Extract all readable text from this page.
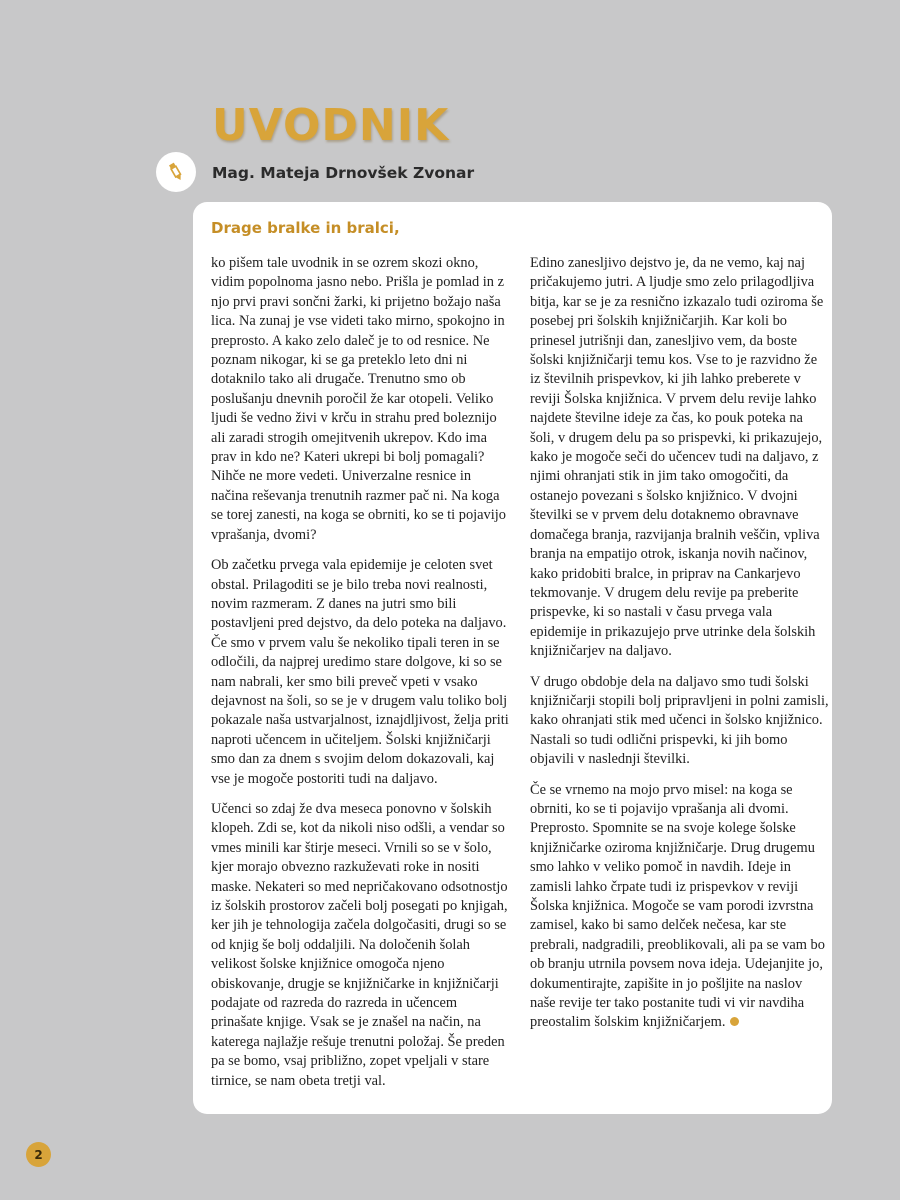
UVODNIK
Mag. Mateja Drnovšek Zvonar
Drage bralke in bralci,

ko pišem tale uvodnik in se ozrem skozi okno, vidim popolnoma jasno nebo. Prišla je pomlad in z njo prvi pravi sončni žarki, ki prijetno božajo naša lica. Na zunaj je vse videti tako mirno, spokojno in preprosto. A kako zelo daleč je to od resnice. Ne poznam nikogar, ki se ga preteklo leto dni ni dotaknilo tako ali drugače. Trenutno smo ob poslušanju dnevnih poročil že kar otopeli. Veliko ljudi še vedno živi v krču in strahu pred boleznijo ali zaradi strogih omejitvenih ukrepov. Kdo ima prav in kdo ne? Kateri ukrepi bi bolj pomagali? Nihče ne more vedeti. Univerzalne resnice in načina reševanja trenutnih razmer pač ni. Na koga se torej zanesti, na koga se obrniti, ko se ti pojavijo vprašanja, dvomi?

Ob začetku prvega vala epidemije je celoten svet obstal. Prilagoditi se je bilo treba novi realnosti, novim razmeram. Z danes na jutri smo bili postavljeni pred dejstvo, da delo poteka na daljavo. Če smo v prvem valu še nekoliko tipali teren in se odločili, da najprej uredimo stare dolgove, ki so se nam nabrali, ker smo bili preveč vpeti v vsako dejavnost na šoli, so se je v drugem valu toliko bolj pokazale naša ustvarjalnost, iznajdljivost, želja priti naproti učencem in učiteljem. Šolski knjižničarji smo dan za dnem s svojim delom dokazovali, kaj vse je mogoče postoriti tudi na daljavo.

Učenci so zdaj že dva meseca ponovno v šolskih klopeh. Zdi se, kot da nikoli niso odšli, a vendar so vmes minili kar štirje meseci. Vrnili so se v šolo, kjer morajo obvezno razkuževati roke in nositi maske. Nekateri so med nepričakovano odsotnostjo iz šolskih prostorov začeli bolj posegati po knjigah, ker jih je tehnologija začela dolgočasiti, drugi so se od knjig še bolj oddaljili. Na določenih šolah velikost šolske knjižnice omogoča njeno obiskovanje, drugje se knjižničarke in knjižničarji podajate od razreda do razreda in učencem prinašate knjige. Vsak se je znašel na način, na katerega najlažje rešuje trenutni položaj. Še preden pa se bomo, vsaj približno, zopet vpeljali v stare tirnice, se nam obeta tretji val.

Edino zanesljivo dejstvo je, da ne vemo, kaj naj pričakujemo jutri. A ljudje smo zelo prilagodljiva bitja, kar se je za resnično izkazalo tudi oziroma še posebej pri šolskih knjižničarjih. Kar koli bo prinesel jutrišnji dan, zanesljivo vem, da boste šolski knjižničarji temu kos. Vse to je razvidno že iz številnih prispevkov, ki jih lahko preberete v reviji Šolska knjižnica. V prvem delu revije lahko najdete številne ideje za čas, ko pouk poteka na šoli, v drugem delu pa so prispevki, ki prikazujejo, kako je mogoče seči do učencev tudi na daljavo, z njimi ohranjati stik in jim tako omogočiti, da ostanejo povezani s šolsko knjižnico. V dvojni številki se v prvem delu dotaknemo obravnave domačega branja, razvijanja bralnih veščin, vpliva branja na empatijo otrok, iskanja novih načinov, kako pridobiti bralce, in priprav na Cankarjevo tekmovanje. V drugem delu revije pa preberite prispevke, ki so nastali v času prvega vala epidemije in prikazujejo prve utrinke dela šolskih knjižničarjev na daljavo.

V drugo obdobje dela na daljavo smo tudi šolski knjižničarji stopili bolj pripravljeni in polni zamisli, kako ohranjati stik med učenci in šolsko knjižnico. Nastali so tudi odlični prispevki, ki jih bomo objavili v naslednji številki.

Če se vrnemo na mojo prvo misel: na koga se obrniti, ko se ti pojavijo vprašanja ali dvomi. Preprosto. Spomnite se na svoje kolege šolske knjižničarke oziroma knjižničarje. Drug drugemu smo lahko v veliko pomoč in navdih. Ideje in zamisli lahko črpate tudi iz prispevkov v reviji Šolska knjižnica. Mogoče se vam porodi izvrstna zamisel, kako bi samo delček nečesa, kar ste prebrali, nadgradili, preoblikovali, ali pa se vam bo ob branju utrnila povsem nova ideja. Udejanjite jo, dokumentirajte, zapišite in jo pošljite na naslov naše revije ter tako postanite tudi vi vir navdiha preostalim šolskim knjižničarjem.

2
